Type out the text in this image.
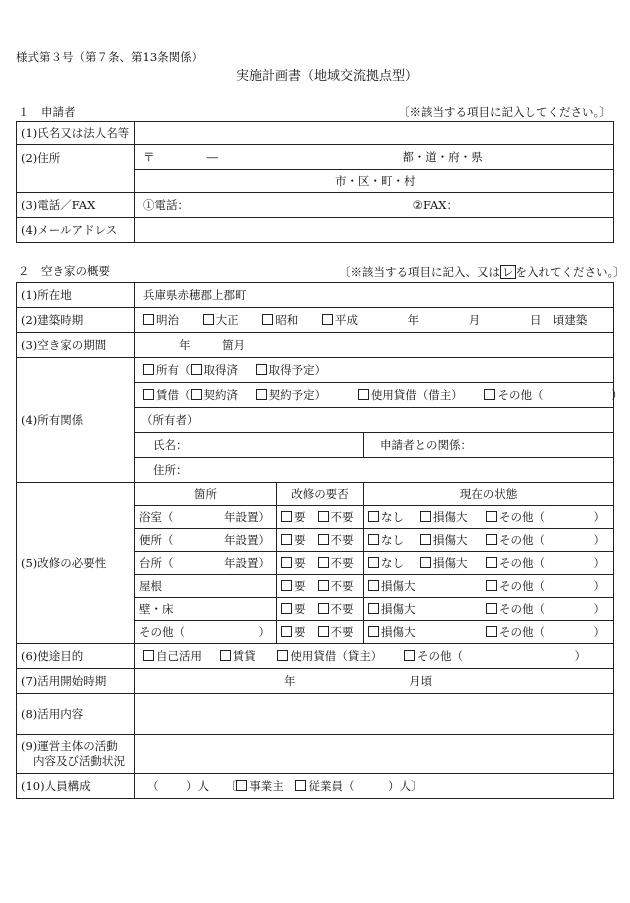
様式第３号（第７条、第13条関係）
実施計画書（地域交流拠点型）
１　申請者	〔※該当する項目に記入してください。〕
(1)氏名又は法人名等	
(2)住所	〒 ― 都・道・府・県
	市・区・町・村
(3)電話／FAX	①電話： ②FAX：
(4)メールアドレス	
２　空き家の概要	〔※該当する項目に記入、又は レ を入れてください。〕
(1)所在地	兵庫県赤穂郡上郡町		
(2)建築時期	明治 大正 昭和 平成 年 月 日　頃建築		
(3)空き家の期間	年 箇月		
(4)所有関係	所有（ 取得済 取得予定）		
	賃借（ 契約済 契約予定） 使用貸借（借主） その他（ ）		
	（所有者）		
	氏名：		申請者との関係：
	住所：		
(5)改修の必要性	箇所	改修の要否	現在の状態
	浴室（ 年設置）	要 不要	なし 損傷大 その他（ ）

	便所（ 年設置）	要 不要	なし 損傷大 その他（ ）

	台所（ 年設置）	要 不要	なし 損傷大 その他（ ）

	屋根	要 不要	損傷大 その他（ ）

	壁・床	要 不要	損傷大 その他（ ）

	その他（ ）	要 不要	損傷大 その他（ ）

(6)使途目的	自己活用 賃貸 使用貸借（貸主） その他（ ）		
(7)活用開始時期	年 月頃		
(8)活用内容			

(9)運営主体の活動
内容及び活動状況			

(10)人員構成	（ ）人 〔 事業主 従業員（ ）人〕		
